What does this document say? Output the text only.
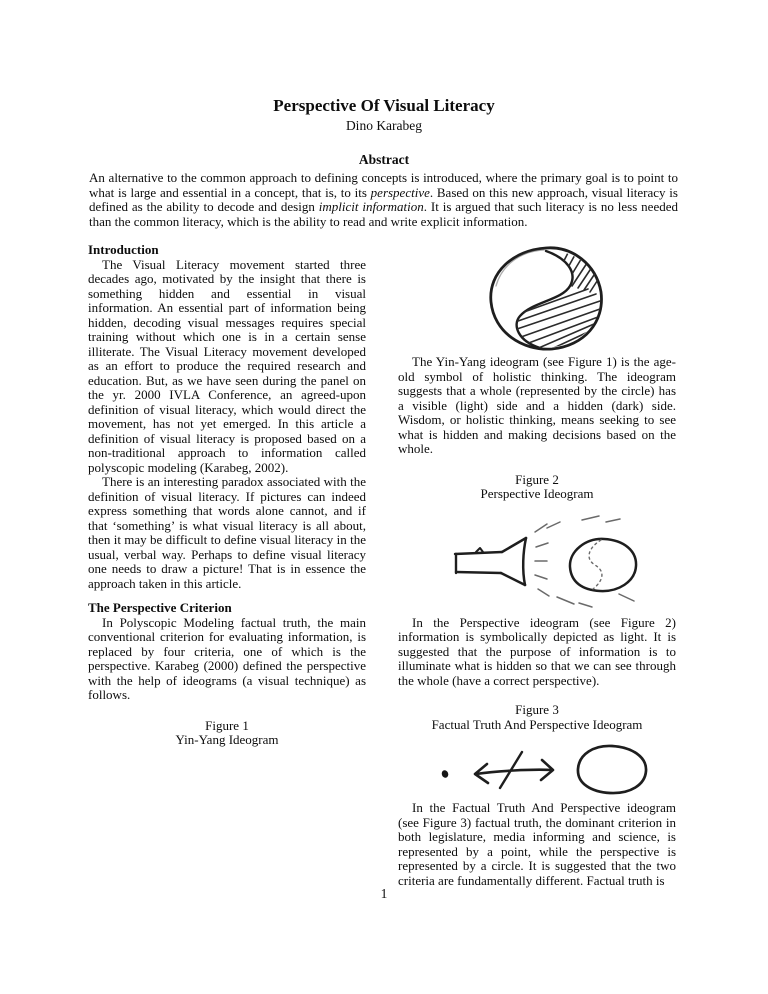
Perspective Of Visual Literacy
Dino Karabeg
Abstract
An alternative to the common approach to defining concepts is introduced, where the primary goal is to point to what is large and essential in a concept, that is, to its perspective. Based on this new approach, visual literacy is defined as the ability to decode and design implicit information. It is argued that such literacy is no less needed than the common literacy, which is the ability to read and write explicit information.
Introduction

The Visual Literacy movement started three decades ago, motivated by the insight that there is something hidden and essential in visual information. An essential part of information being hidden, decoding visual messages requires special training without which one is in a certain sense illiterate. The Visual Literacy movement developed as an effort to produce the required research and education. But, as we have seen during the panel on the yr. 2000 IVLA Conference, an agreed-upon definition of visual literacy, which would direct the movement, has not yet emerged. In this article a definition of visual literacy is proposed based on a non-traditional approach to information called polyscopic modeling (Karabeg, 2002).

There is an interesting paradox associated with the definition of visual literacy. If pictures can indeed express something that words alone cannot, and if that ‘something’ is what visual literacy is all about, then it may be difficult to define visual literacy in the usual, verbal way. Perhaps to define visual literacy one needs to draw a picture! That is in essence the approach taken in this article.

The Perspective Criterion

In Polyscopic Modeling factual truth, the main conventional criterion for evaluating information, is replaced by four criteria, one of which is the perspective. Karabeg (2000) defined the perspective with the help of ideograms (a visual technique) as follows.

Figure 1
Yin-Yang Ideogram

The Yin-Yang ideogram (see Figure 1) is the age-old symbol of holistic thinking. The ideogram suggests that a whole (represented by the circle) has a visible (light) side and a hidden (dark) side. Wisdom, or holistic thinking, means seeking to see what is hidden and making decisions based on the whole.

Figure 2
Perspective Ideogram

In the Perspective ideogram (see Figure 2) information is symbolically depicted as light. It is suggested that the purpose of information is to illuminate what is hidden so that we can see through the whole (have a correct perspective).

Figure 3
Factual Truth And Perspective Ideogram

In the Factual Truth And Perspective ideogram (see Figure 3) factual truth, the dominant criterion in both legislature, media informing and science, is represented by a point, while the perspective is represented by a circle. It is suggested that the two criteria are fundamentally different. Factual truth is

1
